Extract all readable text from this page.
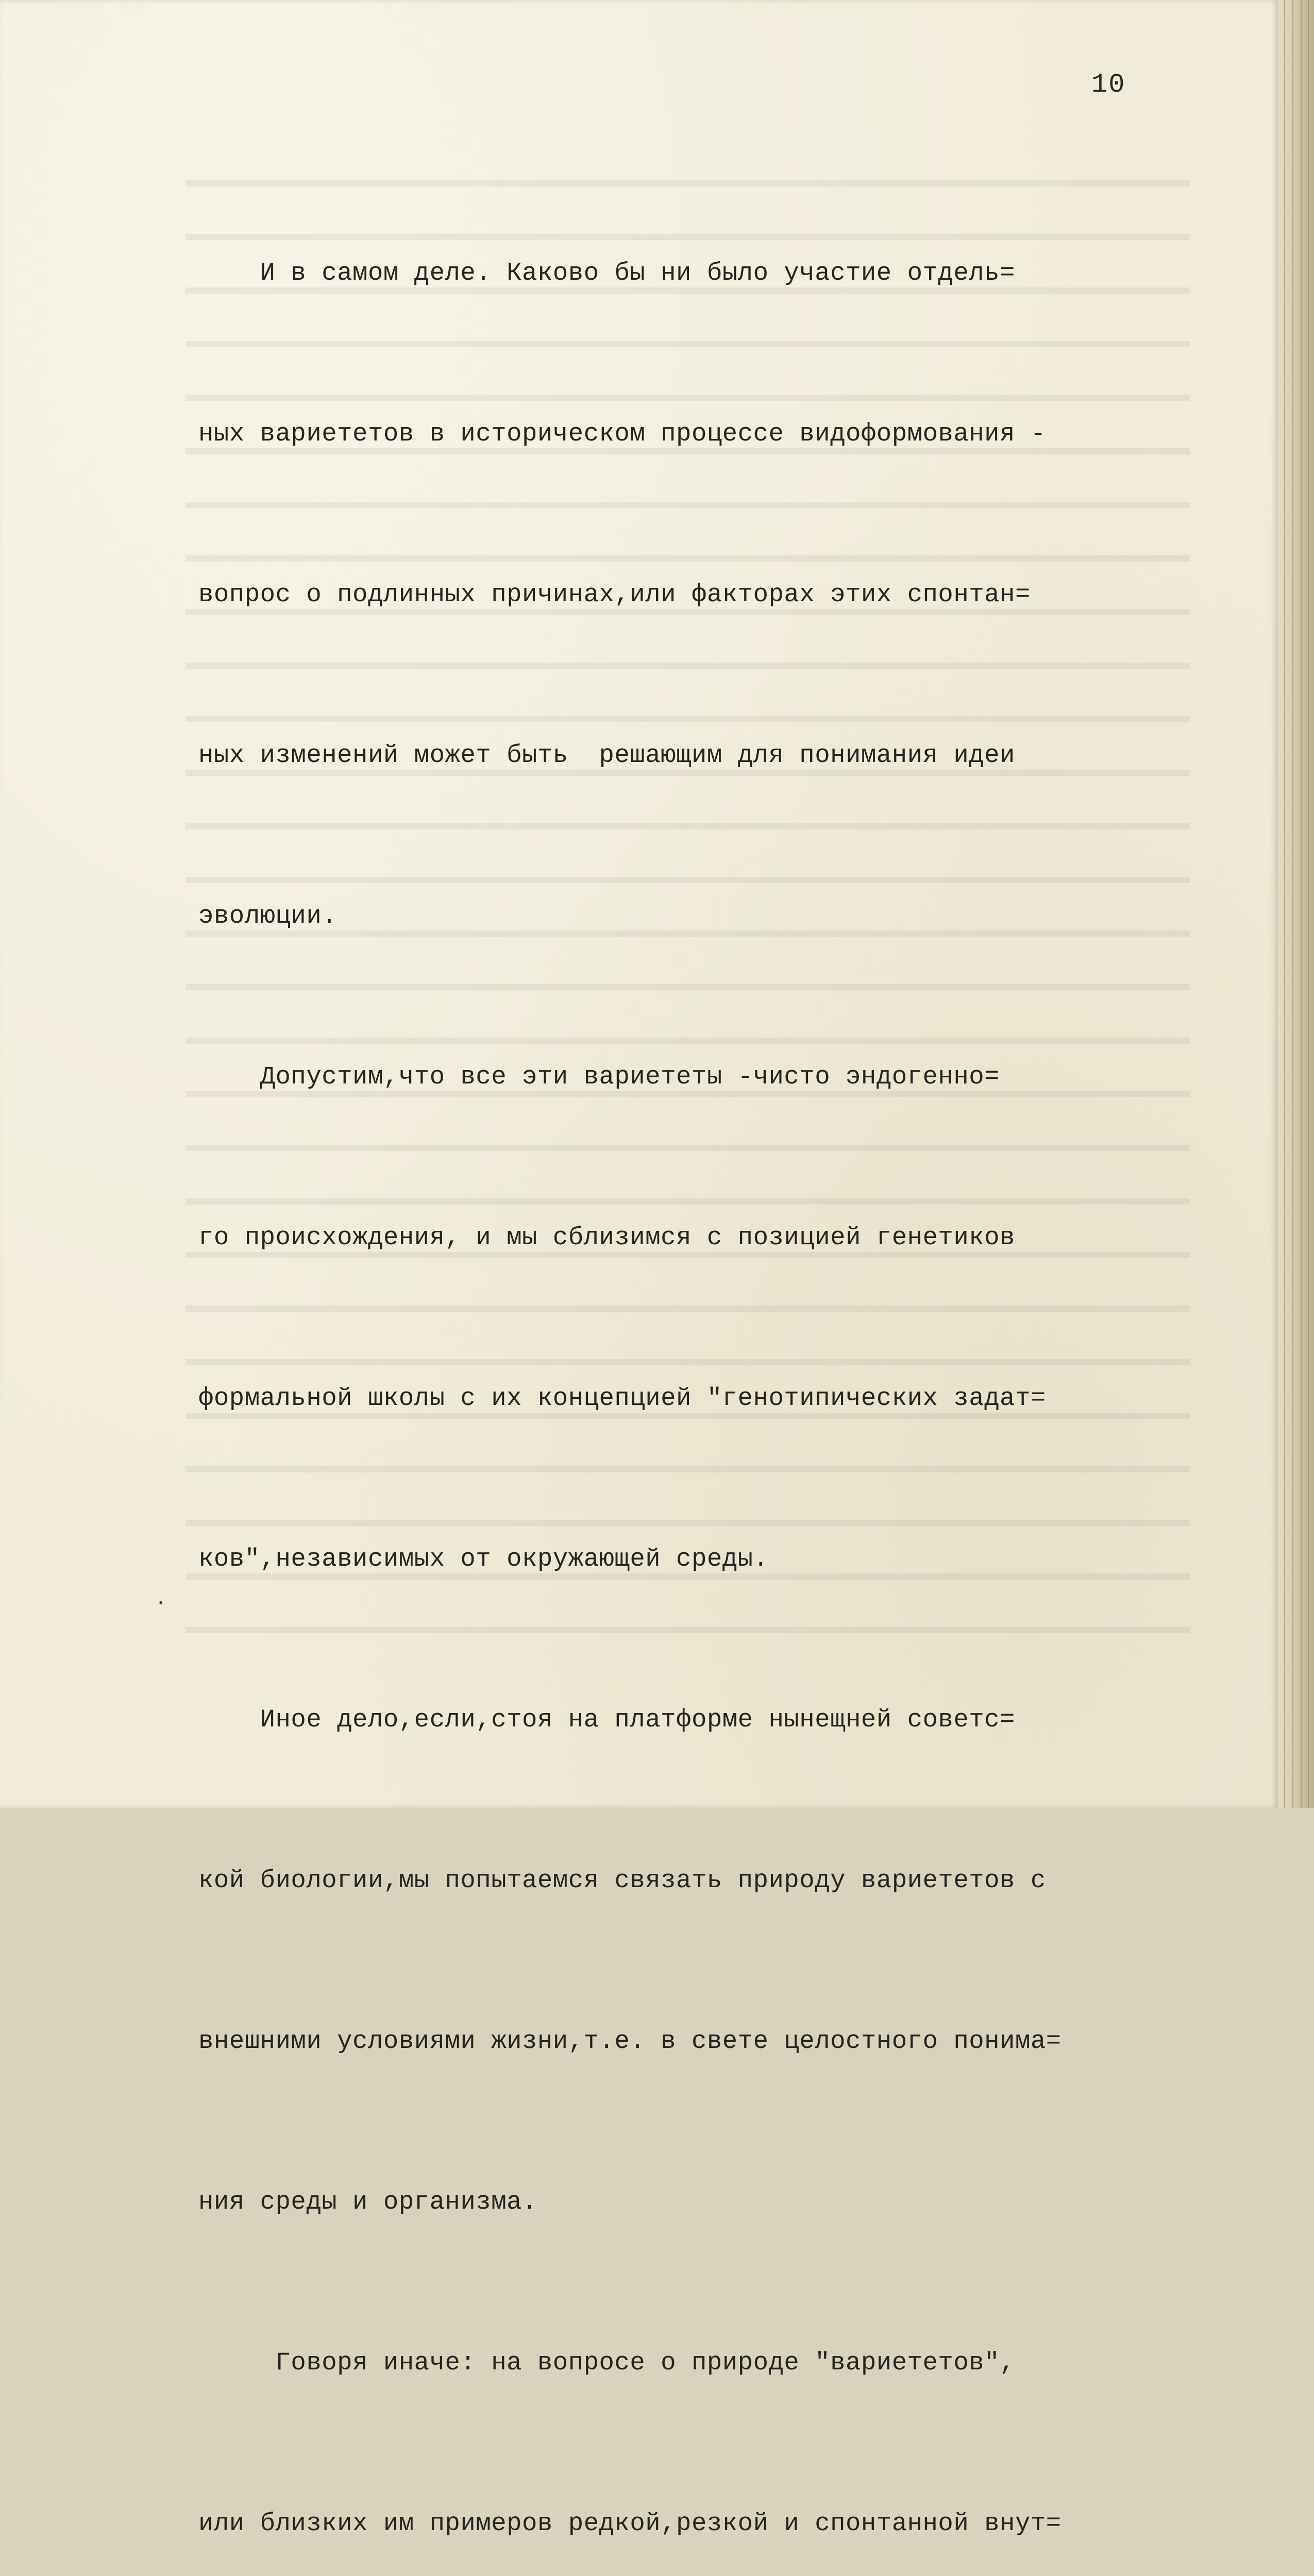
10

И в самом деле. Каково бы ни было участие отдель=

ных вариететов в историческом процессе видоформования -

вопрос о подлинных причинах,или факторах этих спонтан=

ных изменений может быть  решающим для понимания идеи

эволюции.

Допустим,что все эти вариететы -чисто эндогенно=

го происхождения, и мы сблизимся с позицией генетиков

формальной школы с их концепцией "генотипических задат=

ков",независимых от окружающей среды.

Иное дело,если,стоя на платформе нынещней советс=

кой биологии,мы попытаемся связать природу вариететов с

внешними условиями жизни,т.е. в свете целостного понима=

ния среды и организма.

Говоря иначе: на вопросе о природе "вариететов",

или близких им примеров редкой,резкой и спонтанной внут=

·
